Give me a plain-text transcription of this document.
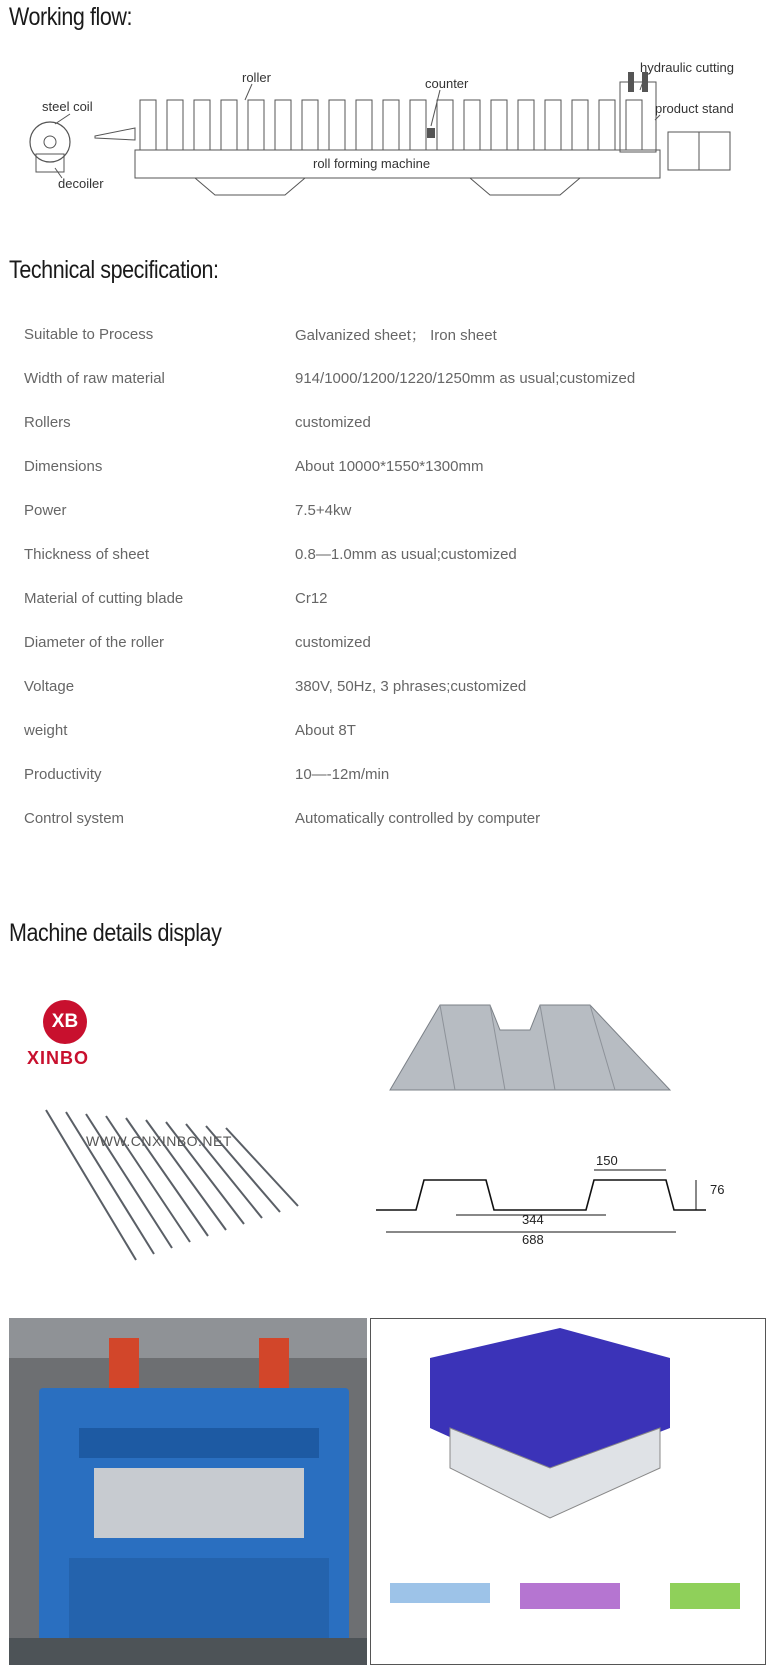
Working flow:
roller	counter
hydraulic cutting
product stand
steel coil
decoiler
roll forming machine
Technical specification:
Suitable to Process	Galvanized sheet； Iron sheet
Width of raw material	914/1000/1200/1220/1250mm as usual;customized
Rollers	customized
Dimensions	About 10000*1550*1300mm
Power	7.5+4kw
Thickness of sheet	0.8—1.0mm as usual;customized
Material of cutting blade	Cr12
Diameter of the roller	customized
Voltage	380V, 50Hz, 3 phrases;customized
weight	About 8T
Productivity	10—-12m/min
Control system	Automatically controlled by computer
Machine details display
XB
XINBO
WWW.CNXINBO.NET
150
76
344
688
